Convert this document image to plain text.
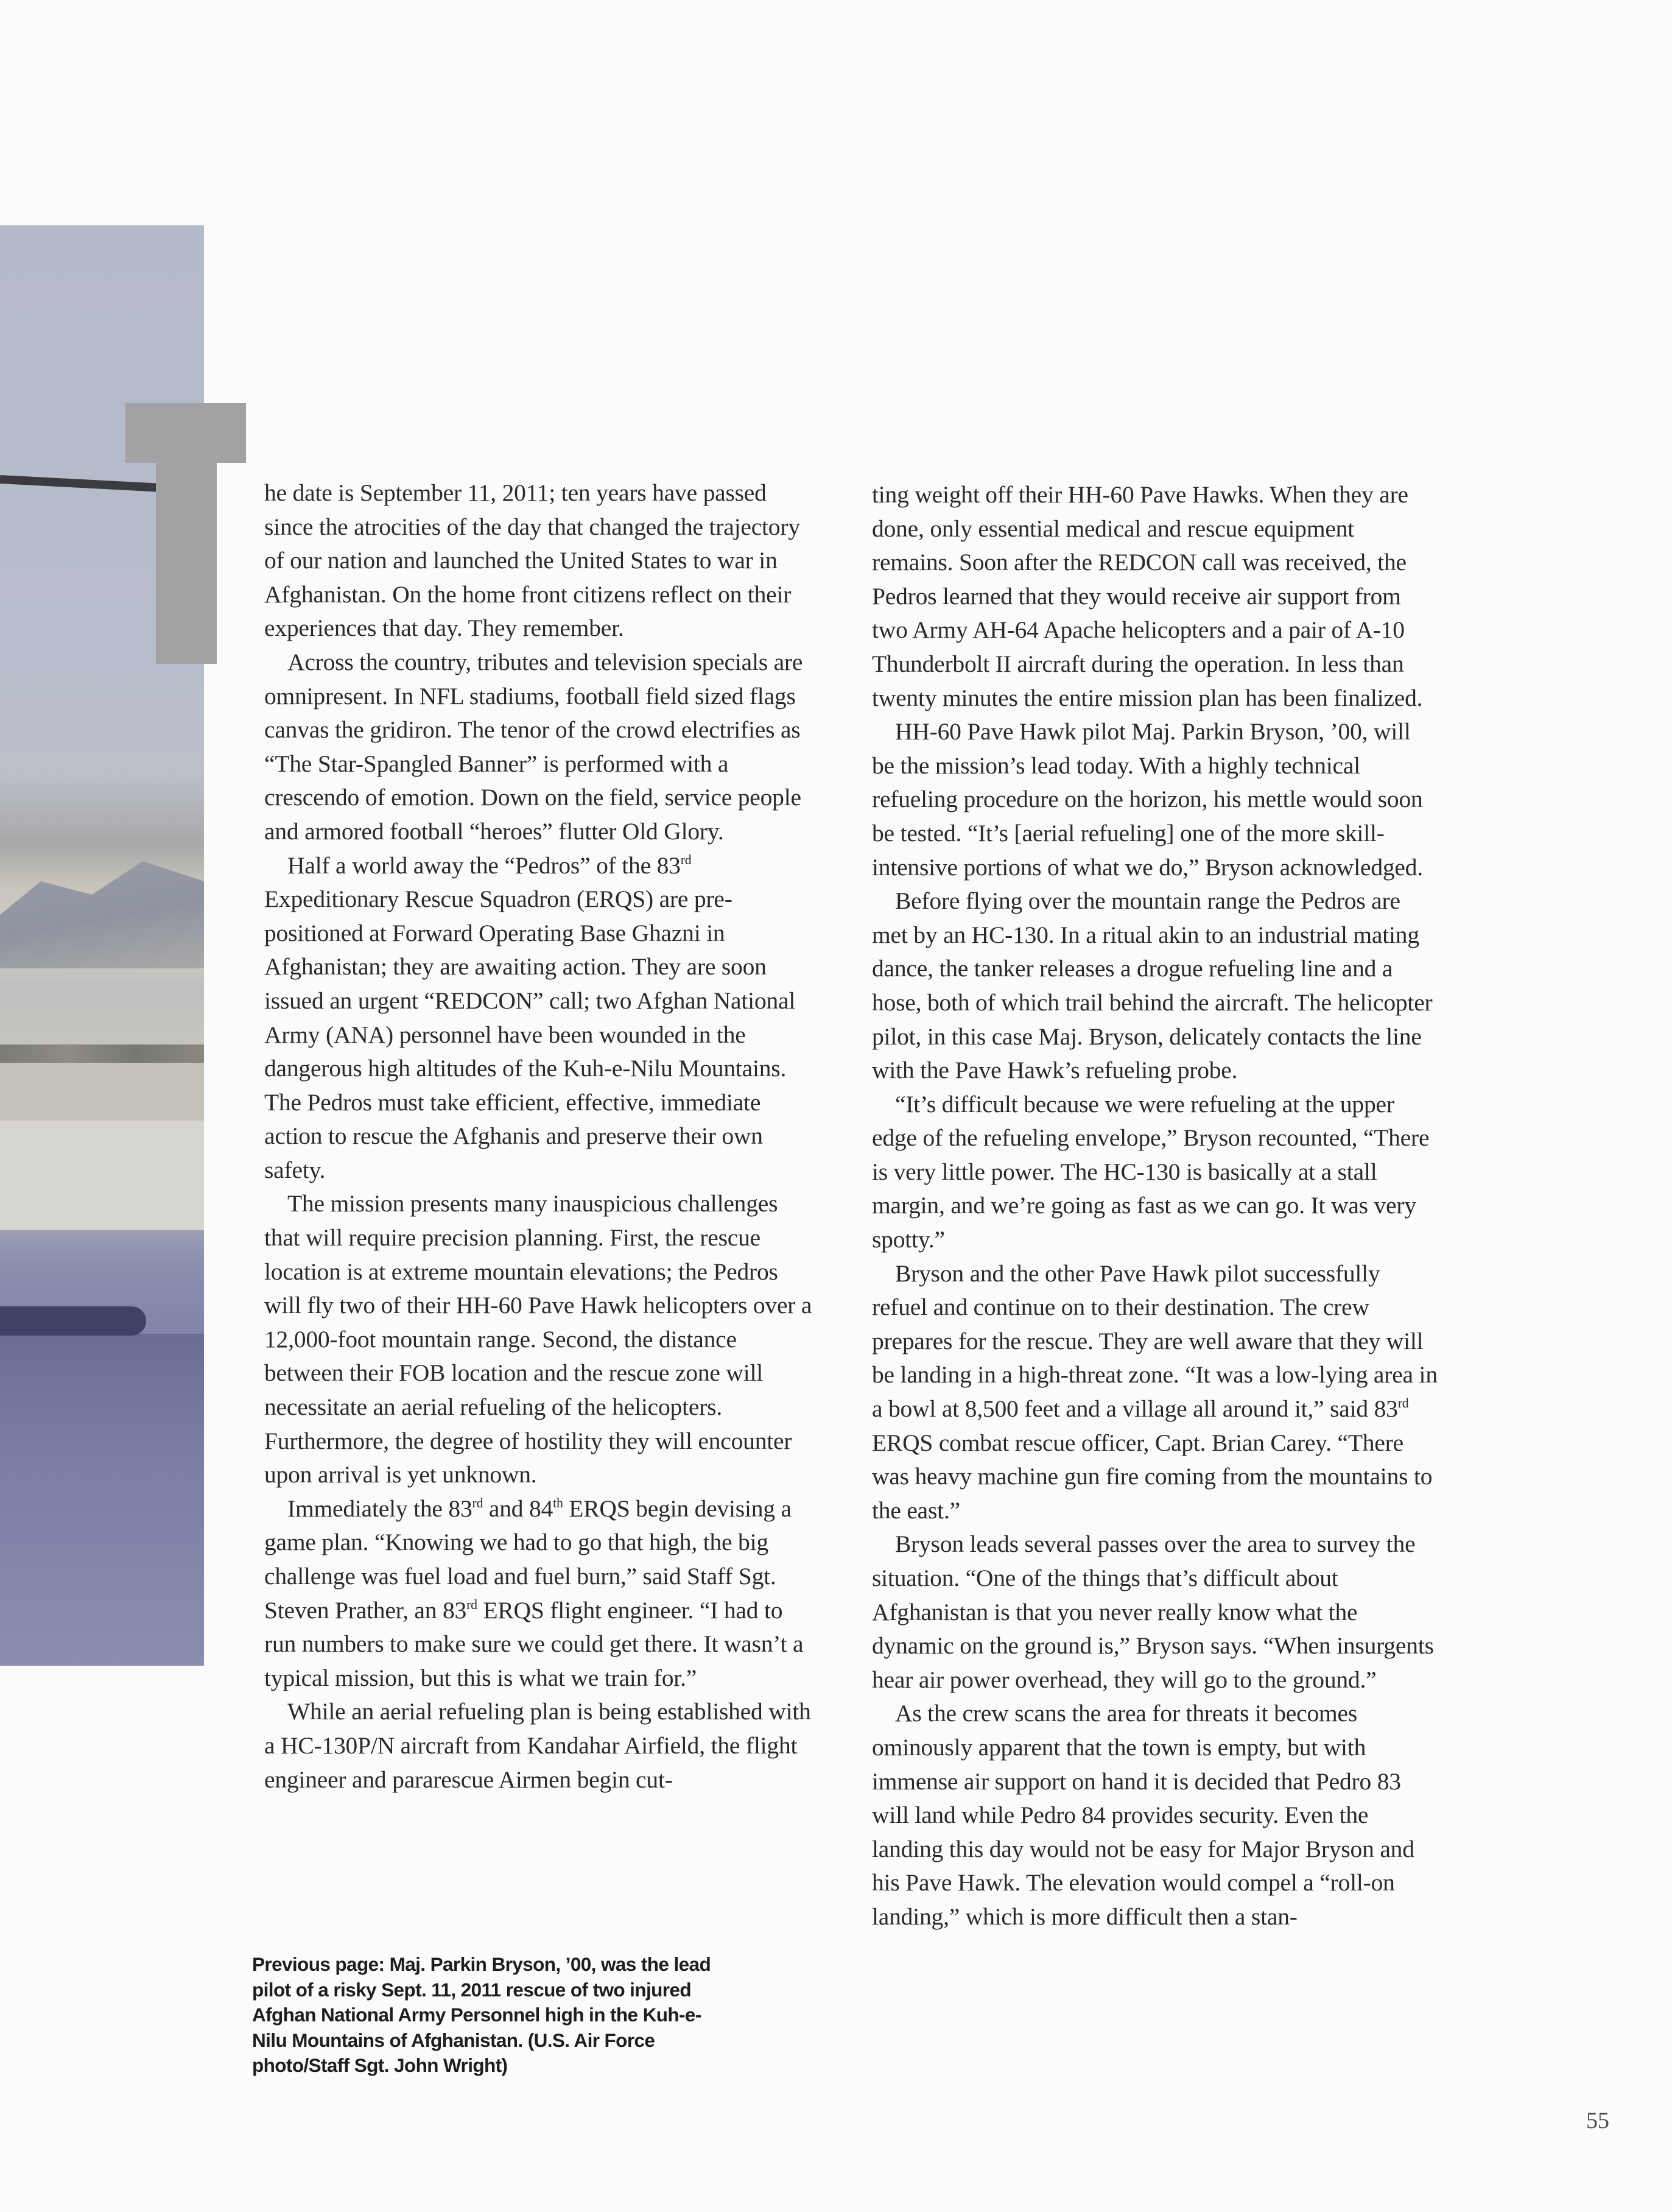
he date is September 11, 2011; ten years have passed since the atrocities of the day that changed the trajectory of our nation and launched the United States to war in Afghanistan. On the home front citizens reflect on their experiences that day. They remember.

Across the country, tributes and television specials are omnipresent. In NFL stadiums, football field sized flags canvas the gridiron. The tenor of the crowd electrifies as “The Star-Spangled Banner” is performed with a crescendo of emotion. Down on the field, service people and armored football “heroes” flutter Old Glory.

Half a world away the “Pedros” of the 83rd Expeditionary Rescue Squadron (ERQS) are pre-positioned at Forward Operating Base Ghazni in Afghanistan; they are awaiting action. They are soon issued an urgent “REDCON” call; two Afghan National Army (ANA) personnel have been wounded in the dangerous high altitudes of the Kuh-e-Nilu Mountains. The Pedros must take efficient, effective, immediate action to rescue the Afghanis and preserve their own safety.

The mission presents many inauspicious challenges that will require precision planning. First, the rescue location is at extreme mountain elevations; the Pedros will fly two of their HH-60 Pave Hawk helicopters over a 12,000-foot mountain range. Second, the distance between their FOB location and the rescue zone will necessitate an aerial refueling of the helicopters. Furthermore, the degree of hostility they will encounter upon arrival is yet unknown.

Immediately the 83rd and 84th ERQS begin devising a game plan. “Knowing we had to go that high, the big challenge was fuel load and fuel burn,” said Staff Sgt. Steven Prather, an 83rd ERQS flight engineer. “I had to run numbers to make sure we could get there. It wasn’t a typical mission, but this is what we train for.”

While an aerial refueling plan is being established with a HC-130P/N aircraft from Kandahar Airfield, the flight engineer and pararescue Airmen begin cut-

ting weight off their HH-60 Pave Hawks. When they are done, only essential medical and rescue equipment remains. Soon after the REDCON call was received, the Pedros learned that they would receive air support from two Army AH-64 Apache helicopters and a pair of A-10 Thunderbolt II aircraft during the operation. In less than twenty minutes the entire mission plan has been finalized.

HH-60 Pave Hawk pilot Maj. Parkin Bryson, ’00, will be the mission’s lead today. With a highly technical refueling procedure on the horizon, his mettle would soon be tested. “It’s [aerial refueling] one of the more skill-intensive portions of what we do,” Bryson acknowledged.

Before flying over the mountain range the Pedros are met by an HC-130. In a ritual akin to an industrial mating dance, the tanker releases a drogue refueling line and a hose, both of which trail behind the aircraft. The helicopter pilot, in this case Maj. Bryson, delicately contacts the line with the Pave Hawk’s refueling probe.

“It’s difficult because we were refueling at the upper edge of the refueling envelope,” Bryson recounted, “There is very little power. The HC-130 is basically at a stall margin, and we’re going as fast as we can go. It was very spotty.”

Bryson and the other Pave Hawk pilot successfully refuel and continue on to their destination. The crew prepares for the rescue. They are well aware that they will be landing in a high-threat zone. “It was a low-lying area in a bowl at 8,500 feet and a village all around it,” said 83rd ERQS combat rescue officer, Capt. Brian Carey. “There was heavy machine gun fire coming from the mountains to the east.”

Bryson leads several passes over the area to survey the situation. “One of the things that’s difficult about Afghanistan is that you never really know what the dynamic on the ground is,” Bryson says. “When insurgents hear air power overhead, they will go to the ground.”

As the crew scans the area for threats it becomes ominously apparent that the town is empty, but with immense air support on hand it is decided that Pedro 83 will land while Pedro 84 provides security. Even the landing this day would not be easy for Major Bryson and his Pave Hawk. The elevation would compel a “roll-on landing,” which is more difficult then a stan-

Previous page: Maj. Parkin Bryson, ’00, was the lead pilot of a risky Sept. 11, 2011 rescue of two injured Afghan National Army Personnel high in the Kuh-e-Nilu Mountains of Afghanistan. (U.S. Air Force photo/Staff Sgt. John Wright)
55
